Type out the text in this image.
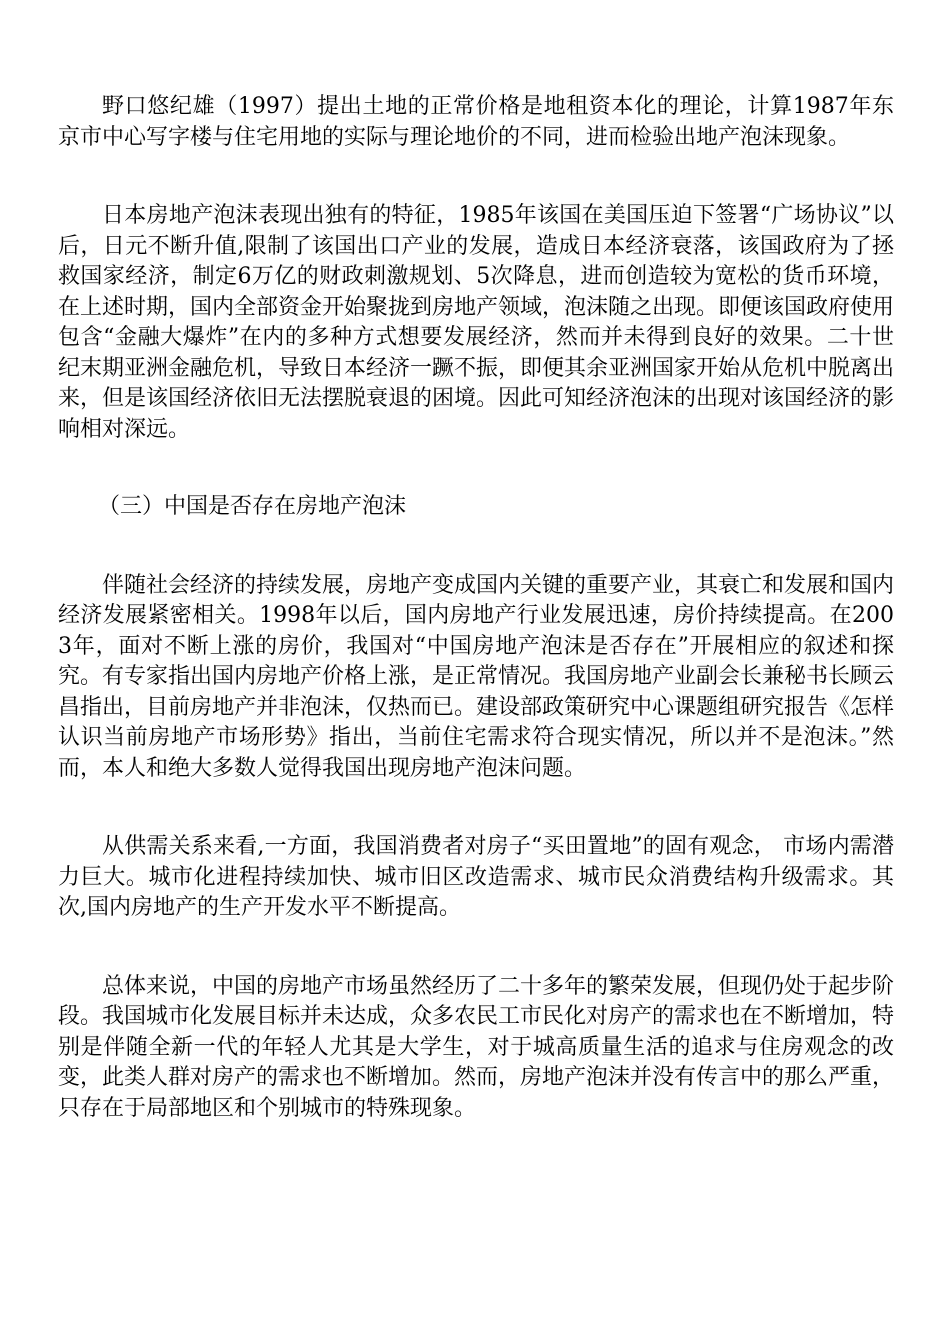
野口悠纪雄（1997）提出土地的正常价格是地租资本化的理论，计算1987年东京市中心写字楼与住宅用地的实际与理论地价的不同，进而检验出地产泡沫现象。

日本房地产泡沫表现出独有的特征，1985年该国在美国压迫下签署“广场协议”以后，日元不断升值,限制了该国出口产业的发展，造成日本经济衰落，该国政府为了拯救国家经济，制定6万亿的财政刺激规划、5次降息，进而创造较为宽松的货币环境，在上述时期，国内全部资金开始聚拢到房地产领域，泡沫随之出现。即便该国政府使用包含“金融大爆炸”在内的多种方式想要发展经济，然而并未得到良好的效果。二十世纪末期亚洲金融危机，导致日本经济一蹶不振，即便其余亚洲国家开始从危机中脱离出来，但是该国经济依旧无法摆脱衰退的困境。因此可知经济泡沫的出现对该国经济的影响相对深远。

（三）中国是否存在房地产泡沫

伴随社会经济的持续发展，房地产变成国内关键的重要产业，其衰亡和发展和国内经济发展紧密相关。1998年以后，国内房地产行业发展迅速，房价持续提高。在2003年，面对不断上涨的房价，我国对“中国房地产泡沫是否存在”开展相应的叙述和探究。有专家指出国内房地产价格上涨，是正常情况。我国房地产业副会长兼秘书长顾云昌指出，目前房地产并非泡沫，仅热而已。建设部政策研究中心课题组研究报告《怎样认识当前房地产市场形势》指出，当前住宅需求符合现实情况，所以并不是泡沫。”然而，本人和绝大多数人觉得我国出现房地产泡沫问题。

从供需关系来看,一方面，我国消费者对房子“买田置地”的固有观念， 市场内需潜力巨大。城市化进程持续加快、城市旧区改造需求、城市民众消费结构升级需求。其次,国内房地产的生产开发水平不断提高。

总体来说，中国的房地产市场虽然经历了二十多年的繁荣发展，但现仍处于起步阶段。我国城市化发展目标并未达成，众多农民工市民化对房产的需求也在不断增加，特别是伴随全新一代的年轻人尤其是大学生，对于城高质量生活的追求与住房观念的改变，此类人群对房产的需求也不断增加。然而，房地产泡沫并没有传言中的那么严重，只存在于局部地区和个别城市的特殊现象。
